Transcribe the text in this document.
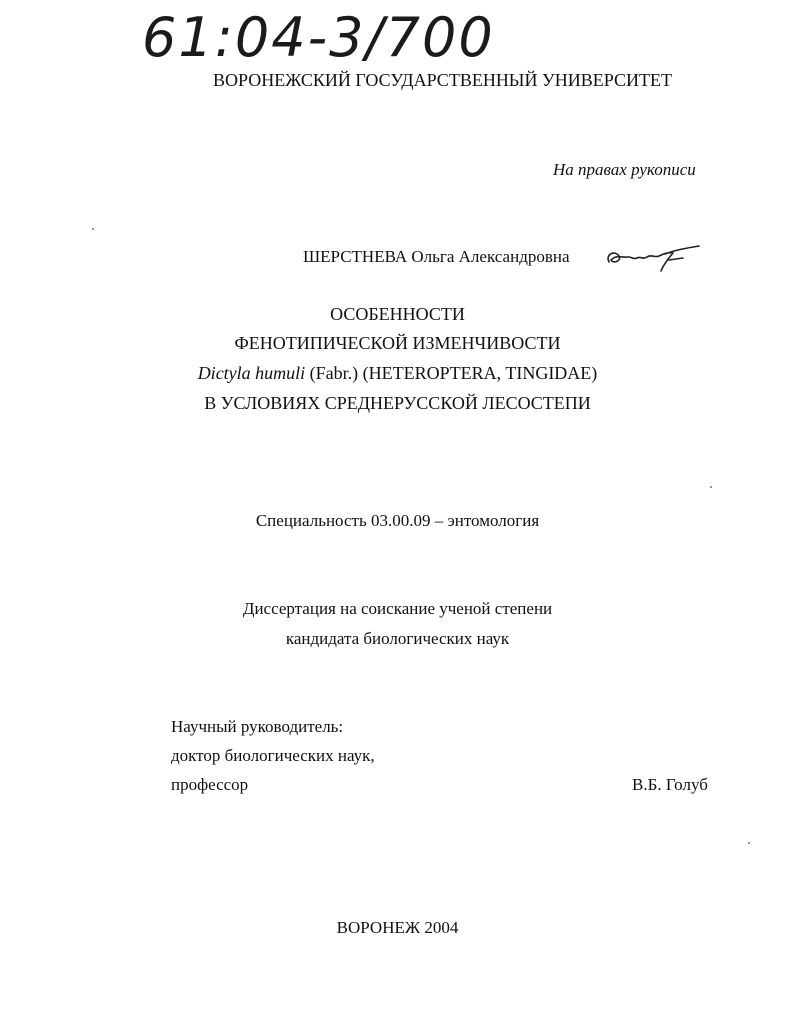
61:04-3/700
ВОРОНЕЖСКИЙ ГОСУДАРСТВЕННЫЙ УНИВЕРСИТЕТ
На правах рукописи
ШЕРСТНЕВА Ольга Александровна
ОСОБЕННОСТИ
ФЕНОТИПИЧЕСКОЙ ИЗМЕНЧИВОСТИ
Dictyla humuli (Fabr.) (HETEROPTERA, TINGIDAE)
В УСЛОВИЯХ СРЕДНЕРУССКОЙ ЛЕСОСТЕПИ
Специальность 03.00.09 – энтомология
Диссертация на соискание ученой степени
кандидата биологических наук
Научный руководитель:
доктор биологических наук,
профессор	В.Б. Голуб
ВОРОНЕЖ 2004
